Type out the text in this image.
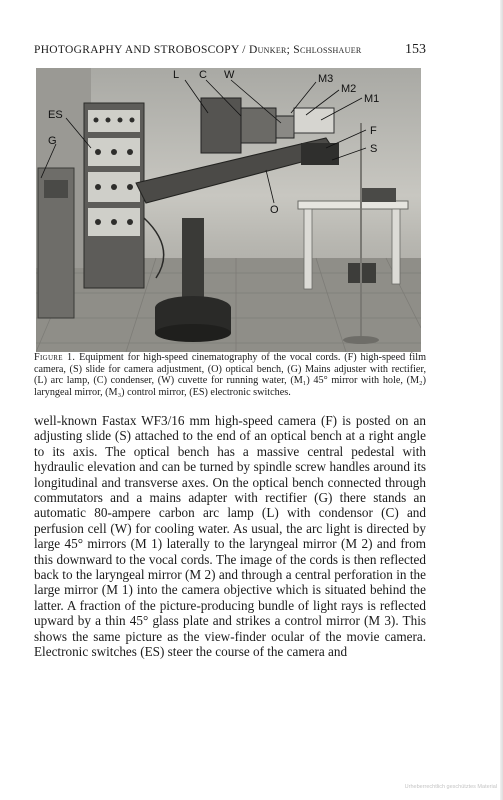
PHOTOGRAPHY AND STROBOSCOPY / Dunker; Schlosshauer	153
L C W	M3
M2
M1
ES
G
F
S
O
Figure 1. Equipment for high-speed cinematography of the vocal cords. (F) high-speed film camera, (S) slide for camera adjustment, (O) optical bench, (G) Mains adjuster with rectifier, (L) arc lamp, (C) condenser, (W) cuvette for running water, (M₁) 45° mirror with hole, (M₂) laryngeal mirror, (M₃) control mirror, (ES) electronic switches.
well-known Fastax WF3/16 mm high-speed camera (F) is posted on an adjusting slide (S) attached to the end of an optical bench at a right angle to its axis. The optical bench has a massive central pedestal with hydraulic elevation and can be turned by spindle screw handles around its longitudinal and transverse axes. On the optical bench connected through commutators and a mains adapter with rectifier (G) there stands an automatic 80-ampere carbon arc lamp (L) with condensor (C) and perfusion cell (W) for cooling water. As usual, the arc light is directed by large 45° mirrors (M 1) laterally to the laryngeal mirror (M 2) and from this downward to the vocal cords. The image of the cords is then reflected back to the laryngeal mirror (M 2) and through a central perforation in the large mirror (M 1) into the camera objective which is situated behind the latter. A fraction of the picture-producing bundle of light rays is reflected upward by a thin 45° glass plate and strikes a control mirror (M 3). This shows the same picture as the view-finder ocular of the movie camera. Electronic switches (ES) steer the course of the camera and
Urheberrechtlich geschütztes Material
